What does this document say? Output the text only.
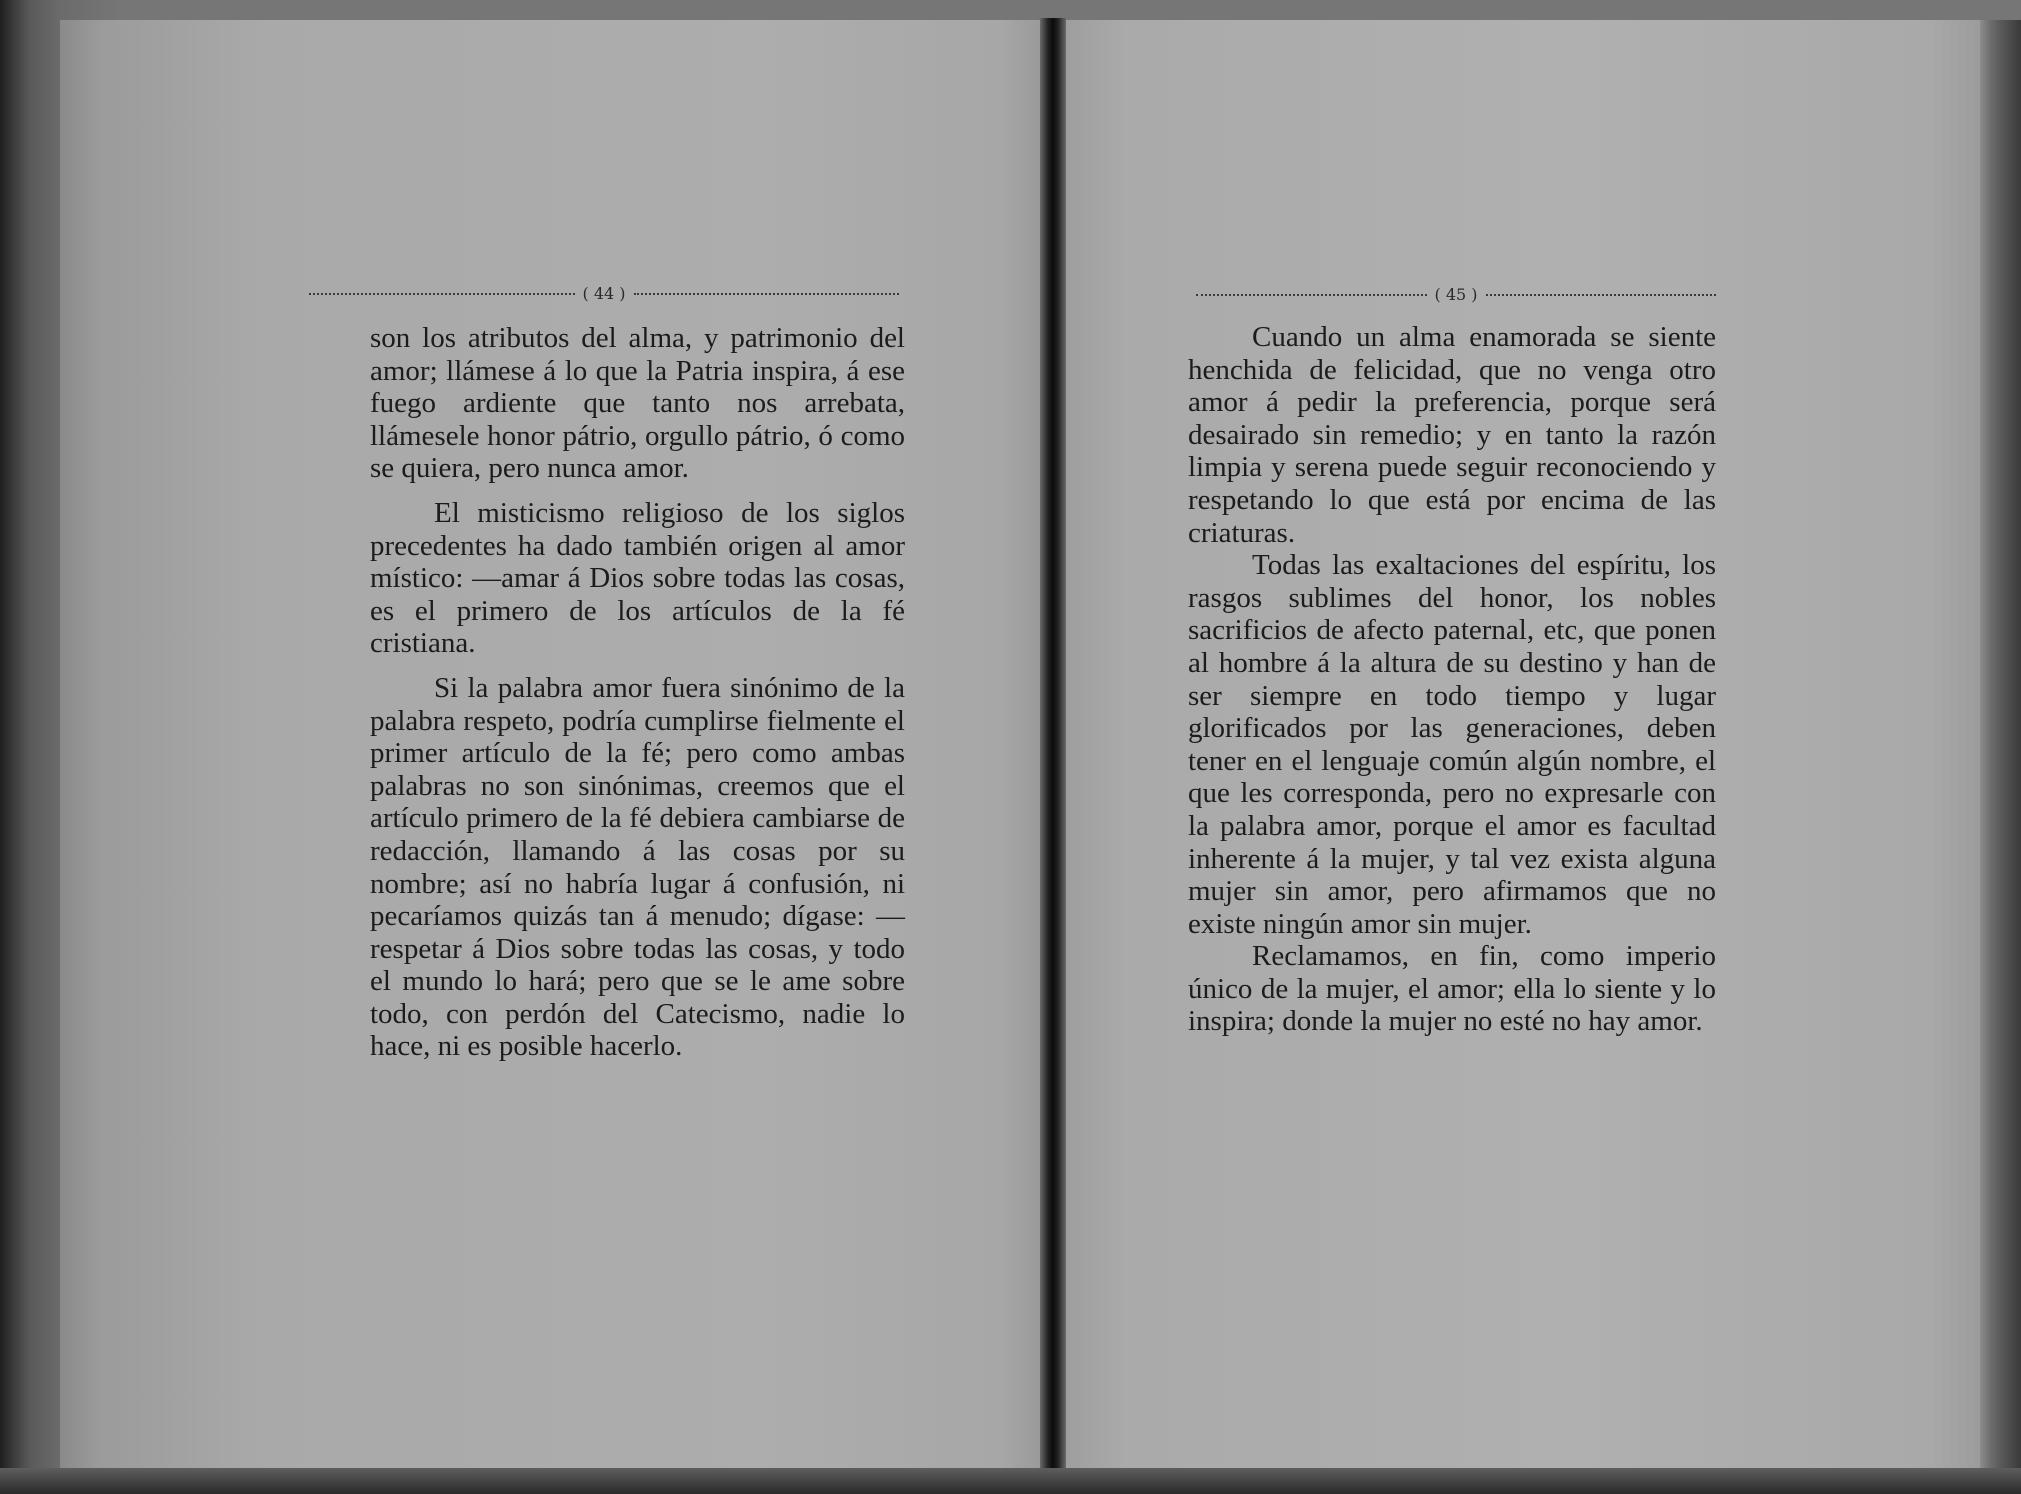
( 44 )

son los atributos del alma, y patrimonio del amor; llámese á lo que la Patria inspira, á ese fuego ardiente que tanto nos arrebata, llámesele honor pátrio, orgullo pátrio, ó como se quiera, pero nunca amor.

El misticismo religioso de los siglos precedentes ha dado también origen al amor místico: —amar á Dios sobre todas las cosas, es el primero de los artículos de la fé cristiana.

Si la palabra amor fuera sinónimo de la palabra respeto, podría cumplirse fielmente el primer artículo de la fé; pero como ambas palabras no son sinónimas, creemos que el artículo primero de la fé debiera cambiarse de redacción, llamando á las cosas por su nombre; así no habría lugar á confusión, ni pecaríamos quizás tan á menudo; dígase: —respetar á Dios sobre todas las cosas, y todo el mundo lo hará; pero que se le ame sobre todo, con perdón del Catecismo, nadie lo hace, ni es posible hacerlo.

( 45 )

Cuando un alma enamorada se siente henchida de felicidad, que no venga otro amor á pedir la preferencia, porque será desairado sin remedio; y en tanto la razón limpia y serena puede seguir reconociendo y respetando lo que está por encima de las criaturas.

Todas las exaltaciones del espíritu, los rasgos sublimes del honor, los nobles sacrificios de afecto paternal, etc, que ponen al hombre á la altura de su destino y han de ser siempre en todo tiempo y lugar glorificados por las generaciones, deben tener en el lenguaje común algún nombre, el que les corresponda, pero no expresarle con la palabra amor, porque el amor es facultad inherente á la mujer, y tal vez exista alguna mujer sin amor, pero afirmamos que no existe ningún amor sin mujer.

Reclamamos, en fin, como imperio único de la mujer, el amor; ella lo siente y lo inspira; donde la mujer no esté no hay amor.
